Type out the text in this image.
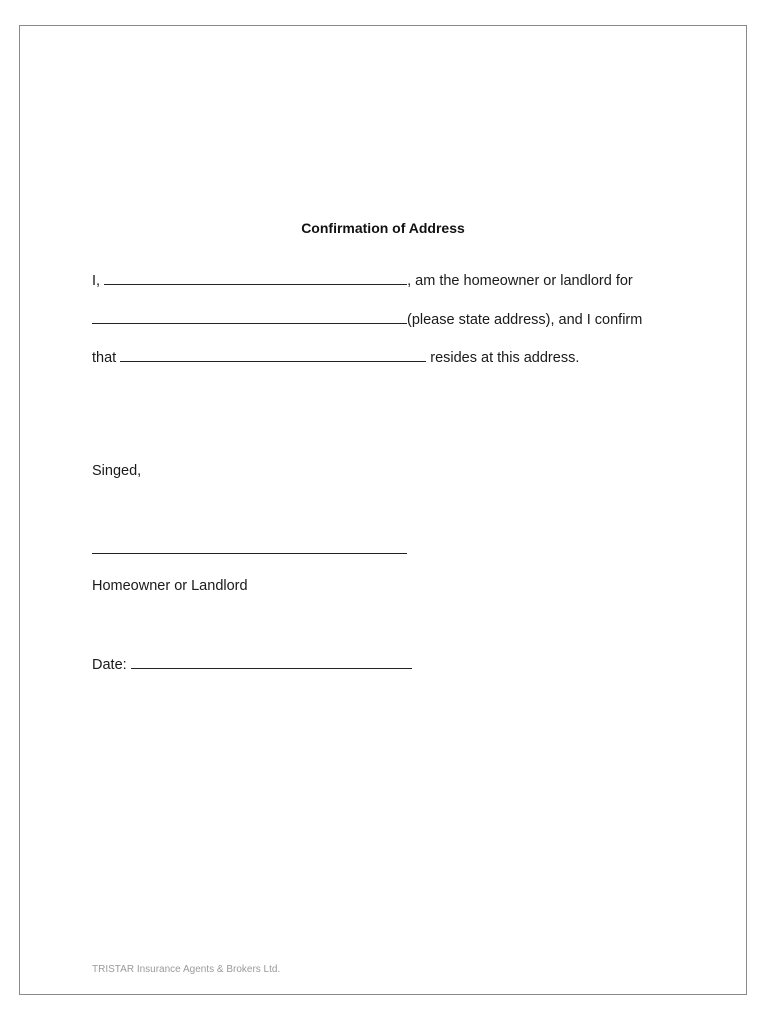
Confirmation of Address
I,	, am the homeowner or landlord for
(please state address), and I confirm
that	resides at this address.
Singed,
Homeowner or Landlord
Date:
TRISTAR Insurance Agents & Brokers Ltd.
